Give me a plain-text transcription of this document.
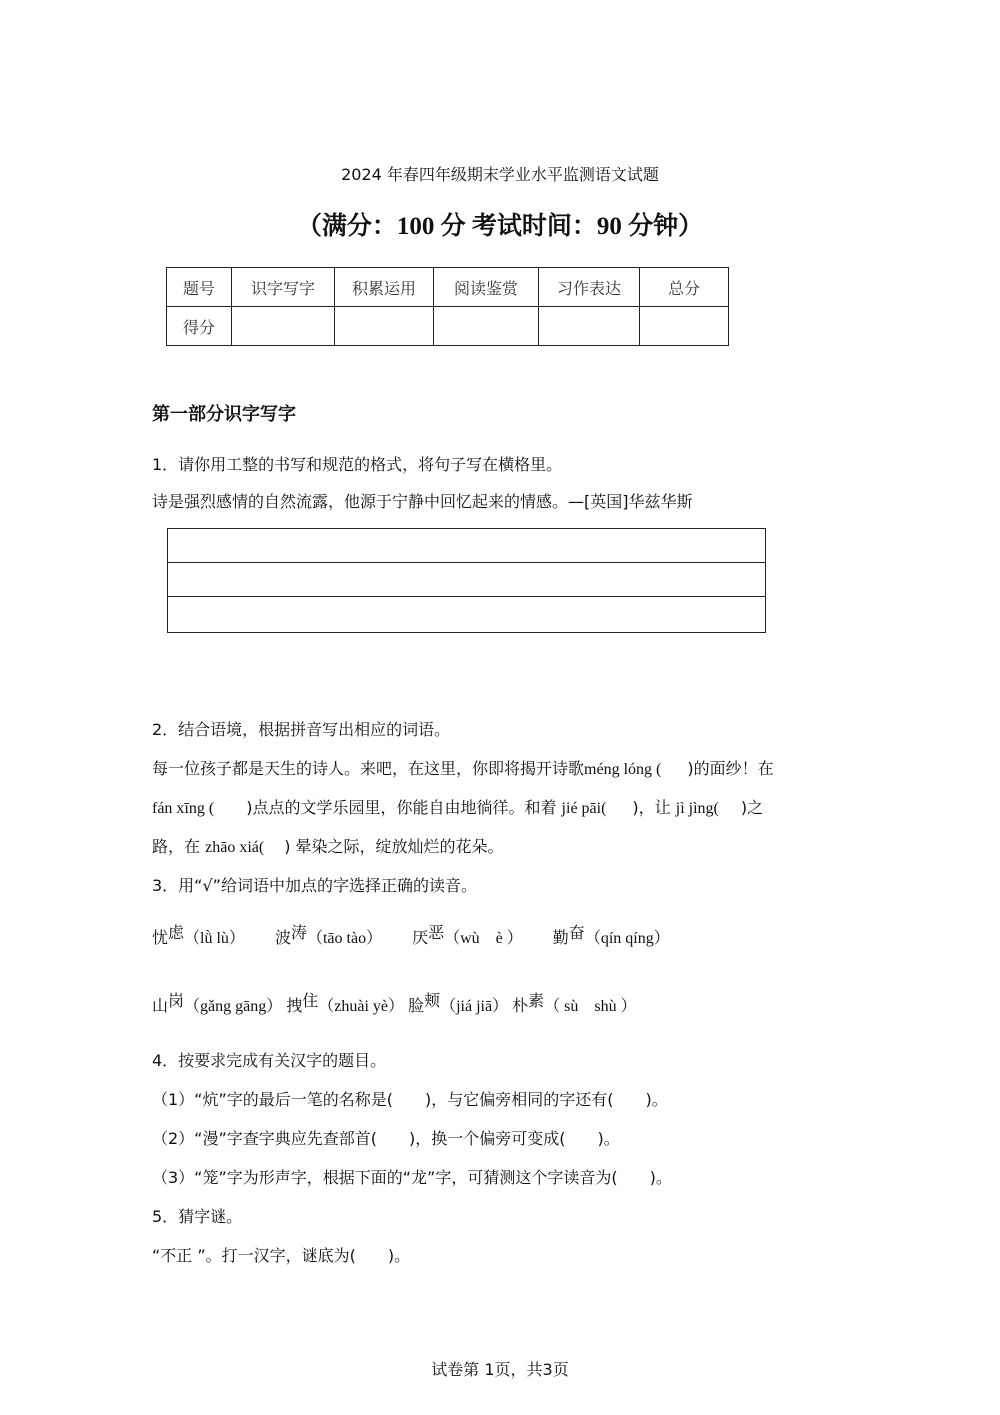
2024 年春四年级期末学业水平监测语文试题
（满分：100 分 考试时间：90 分钟）
题号	识字写字	积累运用	阅读鉴赏	习作表达	总分
得分					
第一部分识字写字
1．请你用工整的书写和规范的格式，将句子写在横格里。
诗是强烈感情的自然流露，他源于宁静中回忆起来的情感。—[英国]华兹华斯
2．结合语境，根据拼音写出相应的词语。
每一位孩子都是天生的诗人。来吧，在这里，你即将揭开诗歌méng lóng ( )的面纱！在
fán xīng ( )点点的文学乐园里，你能自由地徜徉。和着 jié pāi( )，让 jì jìng( )之
路，在 zhāo xiá( ) 晕染之际，绽放灿烂的花朵。
3．用“√”给词语中加点的字选择正确的读音。
忧虑（lǜ lù） 波涛（tāo tào） 厌恶（wù　è ） 勤奋（qín qíng）
山岗（gǎng gāng） 拽住（zhuài yè） 脸颊（jiá jiā） 朴素（ sù　shù ）
4．按要求完成有关汉字的题目。
（1）“炕”字的最后一笔的名称是(　　)，与它偏旁相同的字还有(　　)。
（2）“漫”字查字典应先查部首(　　)，换一个偏旁可变成(　　)。
（3）“笼”字为形声字，根据下面的“龙”字，可猜测这个字读音为(　　)。
5．猜字谜。
“不正 ”。打一汉字，谜底为(　　)。
试卷第 1页，共3页
